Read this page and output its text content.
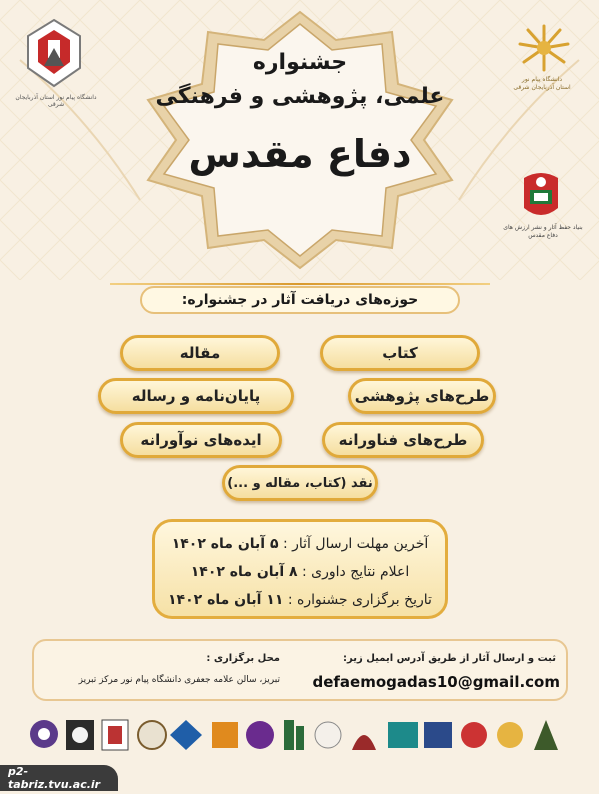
دانشگاه پیام نور استان آذربایجان شرقی
دانشگاه پیام نور
استان آذربایجان شرقی
بنیاد حفظ آثار و نشر ارزش های دفاع مقدس
جشنواره
علمی، پژوهشی و فرهنگی
دفاع مقدس
حوزه‌های دریافت آثار در جشنواره:
کتاب
مقاله
طرح‌های پژوهشی
پایان‌نامه و رساله
طرح‌های فناورانه
ایده‌های نوآورانه
نقد (کتاب، مقاله و ...)
آخرین مهلت ارسال آثار : ۵ آبان ماه ۱۴۰۲
اعلام نتایج داوری : ۸ آبان ماه ۱۴۰۲
تاریخ برگزاری جشنواره : ۱۱ آبان ماه ۱۴۰۲
ثبت و ارسال آثار از طریق آدرس ایمیل زیر:
defaemogadas10@gmail.com
محل برگزاری :
تبریز، سالن علامه جعفری دانشگاه پیام نور مرکز تبریز
p2-tabriz.tvu.ac.ir
